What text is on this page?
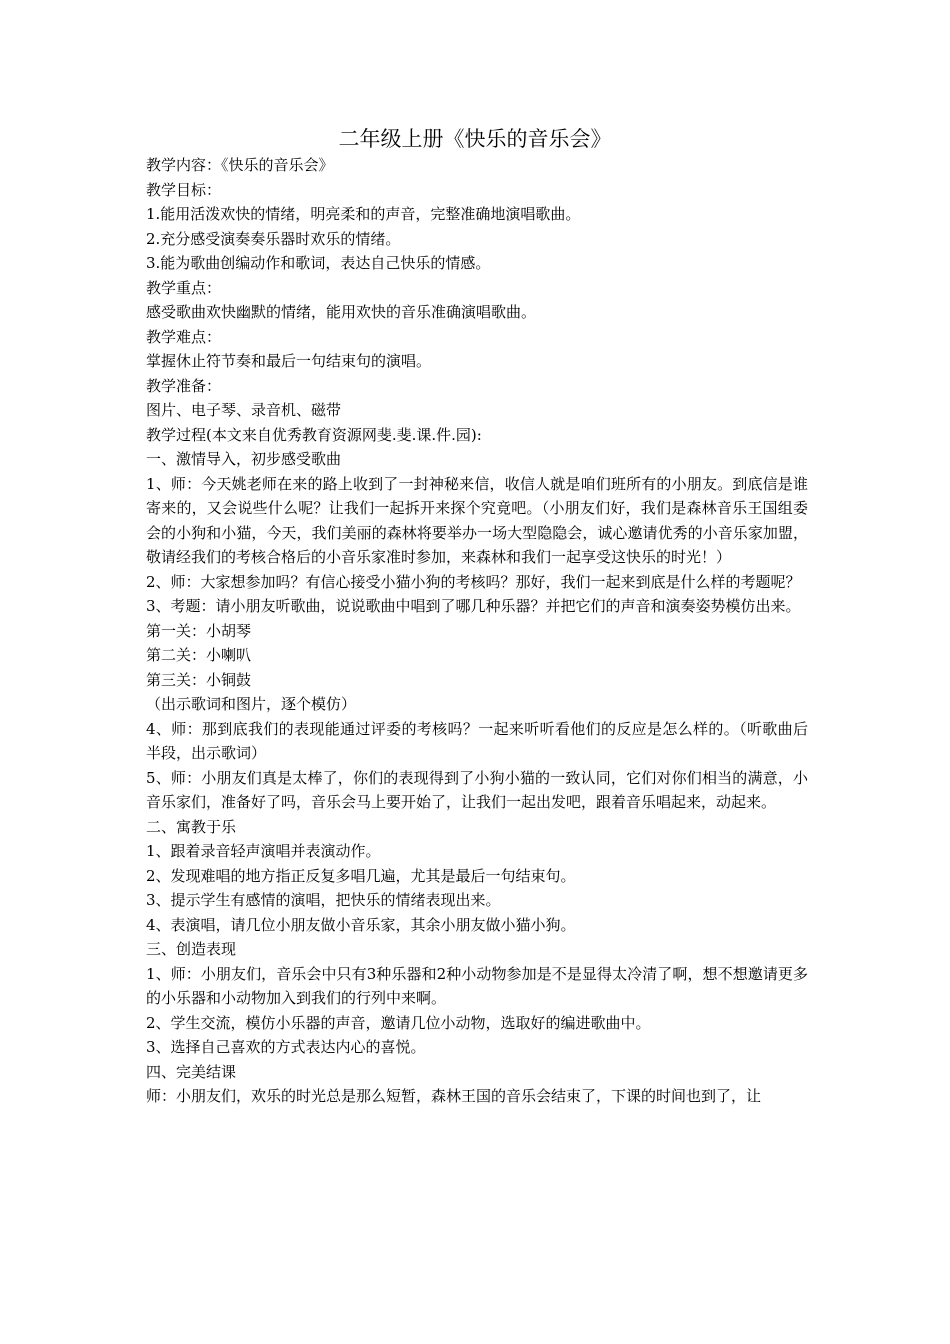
二年级上册《快乐的音乐会》

教学内容：《快乐的音乐会》

教学目标：

1.能用活泼欢快的情绪，明亮柔和的声音，完整准确地演唱歌曲。

2.充分感受演奏奏乐器时欢乐的情绪。

3.能为歌曲创编动作和歌词，表达自己快乐的情感。

教学重点：

感受歌曲欢快幽默的情绪，能用欢快的音乐准确演唱歌曲。

教学难点：

掌握休止符节奏和最后一句结束句的演唱。

教学准备：

图片、电子琴、录音机、磁带

教学过程(本文来自优秀教育资源网斐.斐.课.件.园):

一、激情导入，初步感受歌曲

1、师：今天姚老师在来的路上收到了一封神秘来信，收信人就是咱们班所有的小朋友。到底信是谁寄来的，又会说些什么呢？让我们一起拆开来探个究竟吧。（小朋友们好，我们是森林音乐王国组委会的小狗和小猫，今天，我们美丽的森林将要举办一场大型隐隐会，诚心邀请优秀的小音乐家加盟，敬请经我们的考核合格后的小音乐家准时参加，来森林和我们一起享受这快乐的时光！）

2、师：大家想参加吗？有信心接受小猫小狗的考核吗？那好，我们一起来到底是什么样的考题呢？

3、考题：请小朋友听歌曲，说说歌曲中唱到了哪几种乐器？并把它们的声音和演奏姿势模仿出来。

第一关：小胡琴

第二关：小喇叭

第三关：小铜鼓

（出示歌词和图片，逐个模仿）

4、师：那到底我们的表现能通过评委的考核吗？一起来听听看他们的反应是怎么样的。（听歌曲后半段，出示歌词）

5、师：小朋友们真是太棒了，你们的表现得到了小狗小猫的一致认同，它们对你们相当的满意，小音乐家们，准备好了吗，音乐会马上要开始了，让我们一起出发吧，跟着音乐唱起来，动起来。

二、寓教于乐

1、跟着录音轻声演唱并表演动作。

2、发现难唱的地方指正反复多唱几遍，尤其是最后一句结束句。

3、提示学生有感情的演唱，把快乐的情绪表现出来。

4、表演唱，请几位小朋友做小音乐家，其余小朋友做小猫小狗。

三、创造表现

1、师：小朋友们，音乐会中只有3种乐器和2种小动物参加是不是显得太冷清了啊，想不想邀请更多的小乐器和小动物加入到我们的行列中来啊。

2、学生交流，模仿小乐器的声音，邀请几位小动物，选取好的编进歌曲中。

3、选择自己喜欢的方式表达内心的喜悦。

四、完美结课

师：小朋友们，欢乐的时光总是那么短暂，森林王国的音乐会结束了，下课的时间也到了，让
